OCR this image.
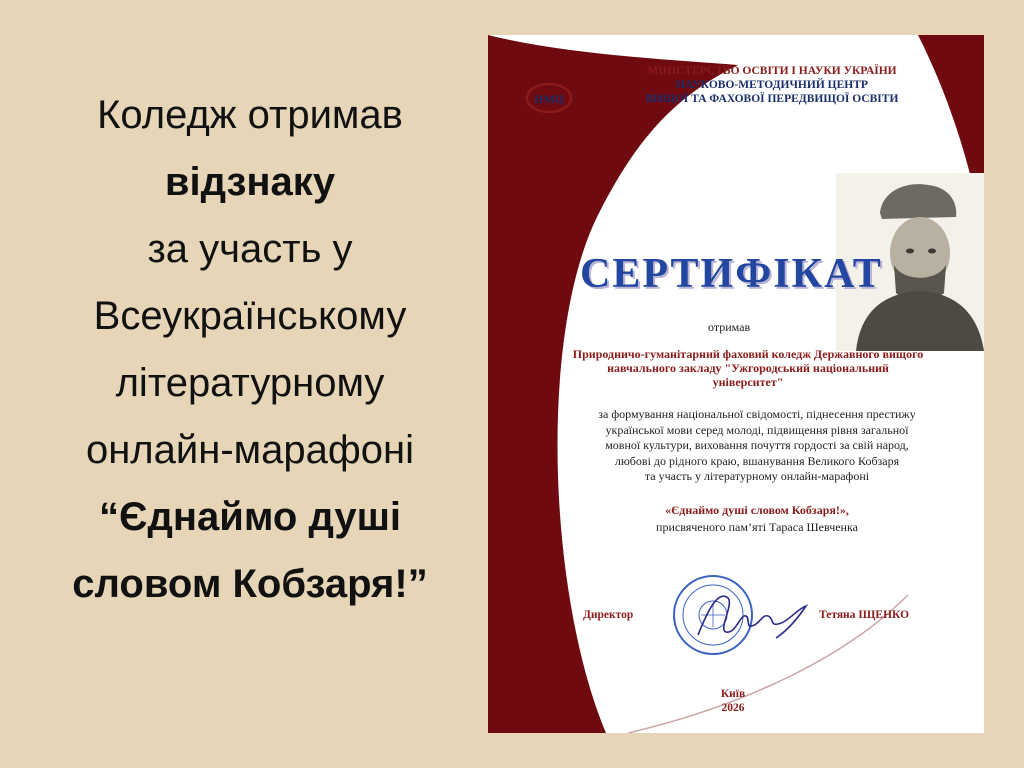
Коледж отримав
відзнаку
за участь у
Всеукраїнському
літературному
онлайн-марафоні
“Єднаймо душі
словом Кобзаря!”
НМЦ
МІНІСТЕРСТВО ОСВІТИ І НАУКИ УКРАЇНИ
НАУКОВО-МЕТОДИЧНИЙ ЦЕНТР
ВИЩОЇ ТА ФАХОВОЇ ПЕРЕДВИЩОЇ ОСВІТИ
СЕРТИФІКАТ
отримав
Природничо-гуманітарний фаховий коледж Державного вищого
навчального закладу "Ужгородський національний
університет"
за формування національної свідомості, піднесення престижу
української мови серед молоді, підвищення рівня загальної
мовної культури, виховання почуття гордості за свій народ,
любові до рідного краю, вшанування Великого Кобзаря
та участь у літературному онлайн-марафоні
«Єднаймо душі словом Кобзаря!»,
присвяченого пам’яті Тараса Шевченка
Директор	Тетяна ІЩЕНКО
Київ
2026
